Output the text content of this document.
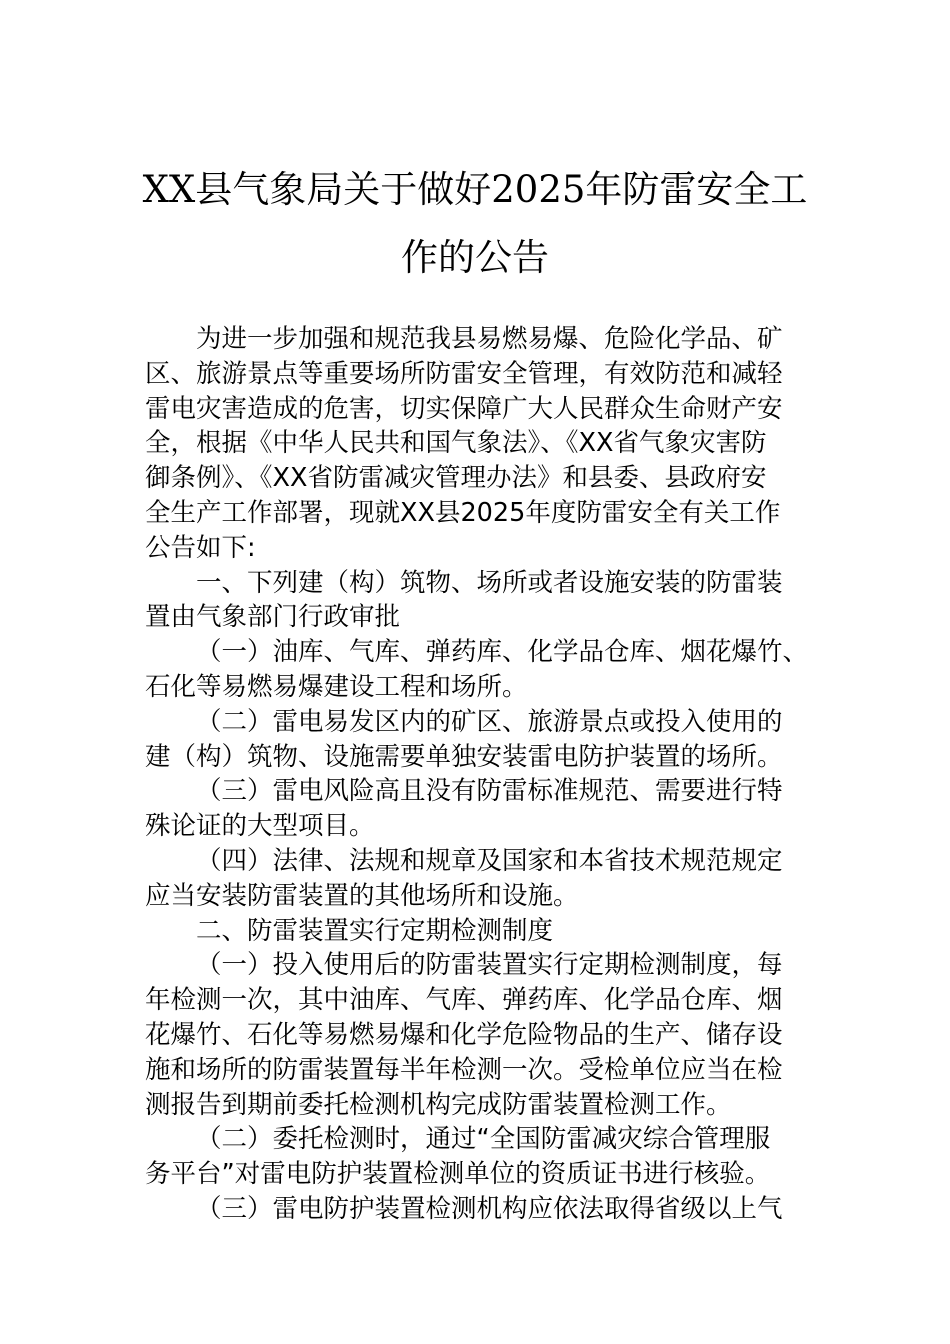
XX县气象局关于做好2025年防雷安全工
作的公告
为进一步加强和规范我县易燃易爆、危险化学品、矿
区、旅游景点等重要场所防雷安全管理，有效防范和减轻
雷电灾害造成的危害，切实保障广大人民群众生命财产安
全，根据《中华人民共和国气象法》、《XX省气象灾害防
御条例》、《XX省防雷减灾管理办法》和县委、县政府安
全生产工作部署，现就XX县2025年度防雷安全有关工作
公告如下:
一、下列建（构）筑物、场所或者设施安装的防雷装
置由气象部门行政审批
（一）油库、气库、弹药库、化学品仓库、烟花爆竹、
石化等易燃易爆建设工程和场所。
（二）雷电易发区内的矿区、旅游景点或投入使用的
建（构）筑物、设施需要单独安装雷电防护装置的场所。
（三）雷电风险高且没有防雷标准规范、需要进行特
殊论证的大型项目。
（四）法律、法规和规章及国家和本省技术规范规定
应当安装防雷装置的其他场所和设施。
二、防雷装置实行定期检测制度
（一）投入使用后的防雷装置实行定期检测制度，每
年检测一次，其中油库、气库、弹药库、化学品仓库、烟
花爆竹、石化等易燃易爆和化学危险物品的生产、储存设
施和场所的防雷装置每半年检测一次。受检单位应当在检
测报告到期前委托检测机构完成防雷装置检测工作。
（二）委托检测时，通过“全国防雷减灾综合管理服
务平台”对雷电防护装置检测单位的资质证书进行核验。
（三）雷电防护装置检测机构应依法取得省级以上气
